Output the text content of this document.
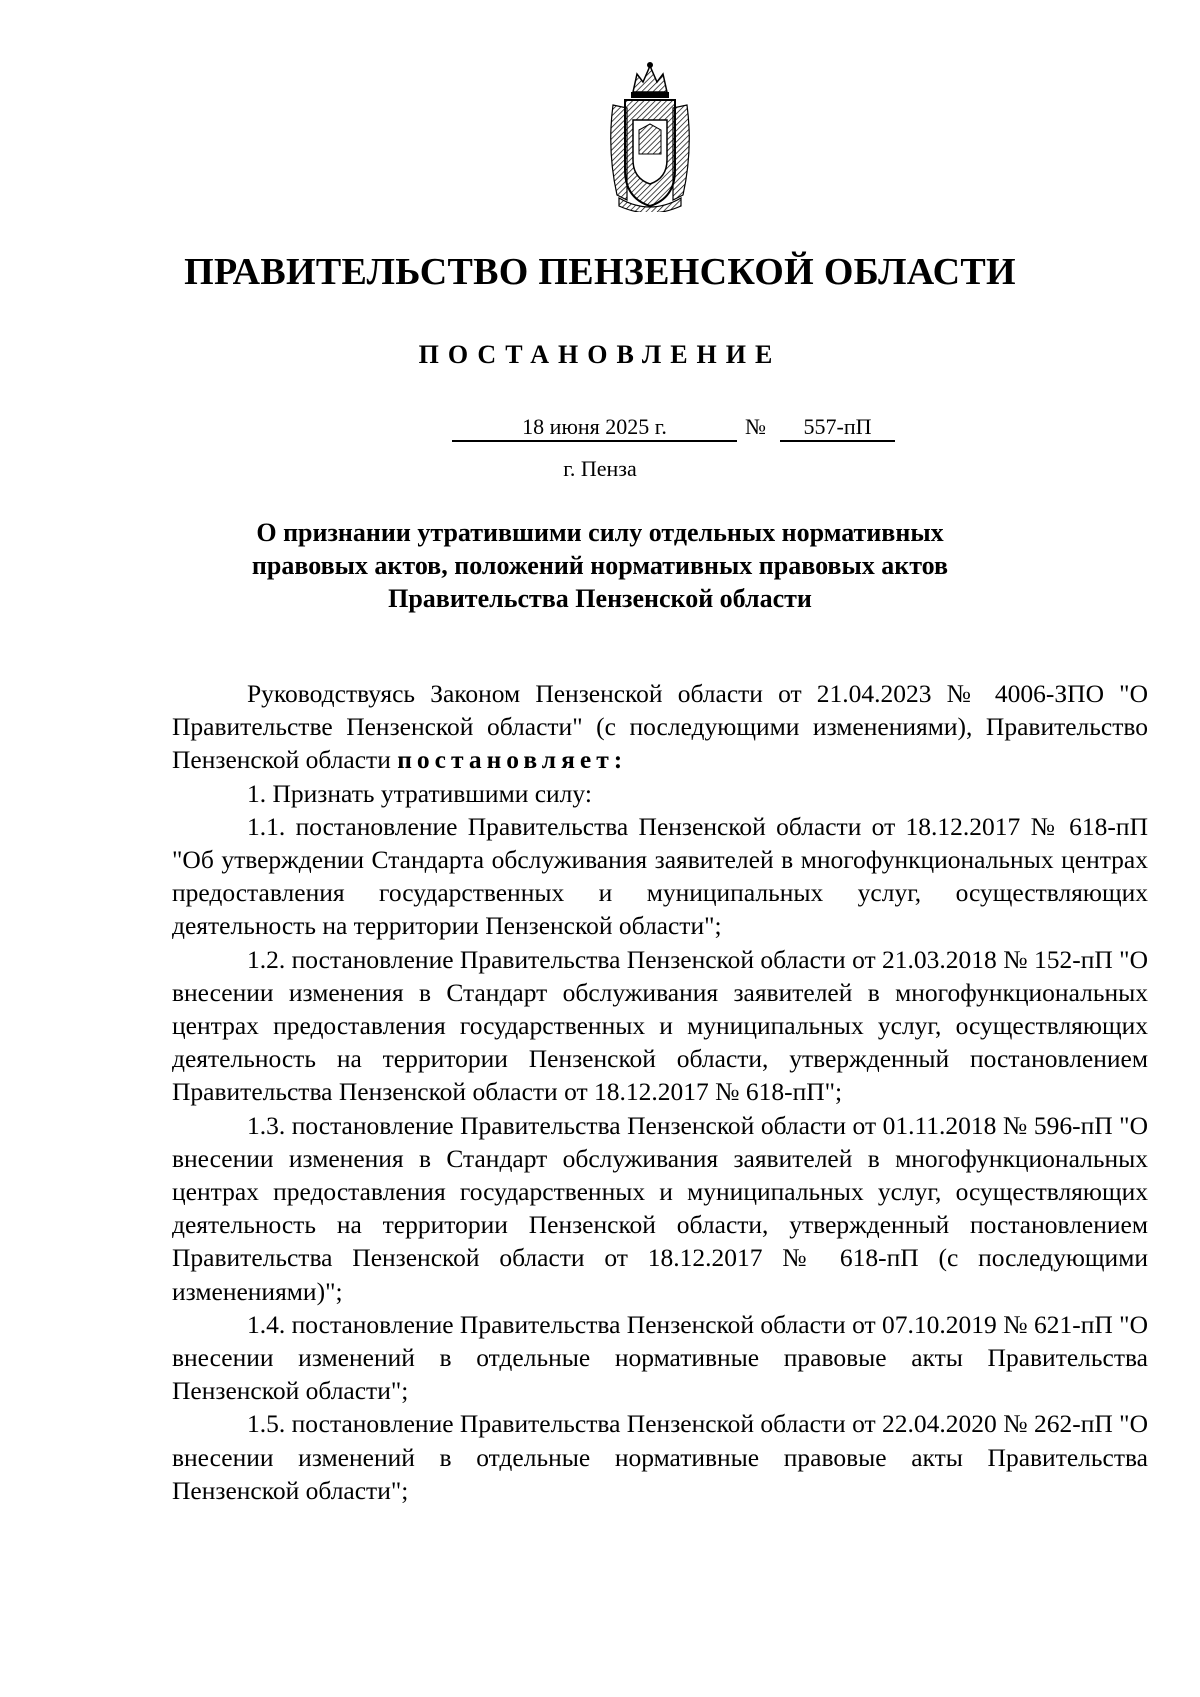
ПРАВИТЕЛЬСТВО ПЕНЗЕНСКОЙ ОБЛАСТИ
ПОСТАНОВЛЕНИЕ
18 июня 2025 г.	№	557-пП
г. Пенза
О признании утратившими силу отдельных нормативных
правовых актов, положений нормативных правовых актов
Правительства Пензенской области

Руководствуясь Законом Пензенской области от 21.04.2023 № 4006-ЗПО "О Правительстве Пензенской области" (с последующими изменениями), Правительство Пензенской области постановляет:

1. Признать утратившими силу:

1.1. постановление Правительства Пензенской области от 18.12.2017 № 618-пП "Об утверждении Стандарта обслуживания заявителей в многофункциональных центрах предоставления государственных и муниципальных услуг, осуществляющих деятельность на территории Пензенской области";

1.2. постановление Правительства Пензенской области от 21.03.2018 № 152-пП "О внесении изменения в Стандарт обслуживания заявителей в многофункциональных центрах предоставления государственных и муниципальных услуг, осуществляющих деятельность на территории Пензенской области, утвержденный постановлением Правительства Пензенской области от 18.12.2017 № 618-пП";

1.3. постановление Правительства Пензенской области от 01.11.2018 № 596-пП "О внесении изменения в Стандарт обслуживания заявителей в многофункциональных центрах предоставления государственных и муниципальных услуг, осуществляющих деятельность на территории Пензенской области, утвержденный постановлением Правительства Пензенской области от 18.12.2017 № 618-пП (с последующими изменениями)";

1.4. постановление Правительства Пензенской области от 07.10.2019 № 621-пП "О внесении изменений в отдельные нормативные правовые акты Правительства Пензенской области";

1.5. постановление Правительства Пензенской области от 22.04.2020 № 262-пП "О внесении изменений в отдельные нормативные правовые акты Правительства Пензенской области";
